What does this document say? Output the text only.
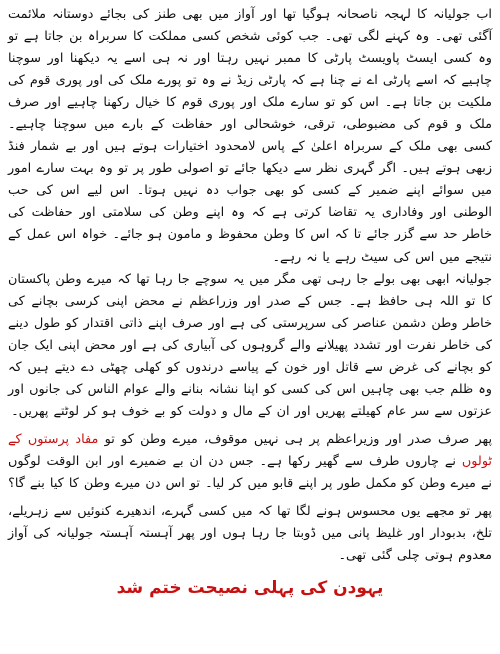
اب جولیانہ کا لہجہ ناصحانہ ہوگیا تھا اور آواز میں بھی طنز کی بجائے دوستانہ ملائمت آگئی تھی۔ وہ کہنے لگی تھی۔ جب کوئی شخص کسی مملکت کا سربراہ بن جاتا ہے تو وہ کسی ایسٹ پاویسٹ پارٹی کا ممبر نہیں رہتا اور نہ ہی اسے یہ دیکھنا اور سوچنا چاہیے کہ اسے پارٹی اے نے چنا ہے کہ پارٹی زیڈ نے وہ تو پورے ملک کی اور پوری قوم کی ملکیت بن جاتا ہے۔ اس کو تو سارے ملک اور پوری قوم کا خیال رکھنا چاہیے اور صرف ملک و قوم کی مضبوطی، ترقی، خوشحالی اور حفاظت کے بارے میں سوچنا چاہیے۔ کسی بھی ملک کے سربراہ اعلیٰ کے پاس لامحدود اختیارات ہوتے ہیں اور بے شمار فنڈ زبھی ہوتے ہیں۔ اگر گہری نظر سے دیکھا جائے تو اصولی طور پر تو وہ بہت سارے امور میں سوائے اپنے ضمیر کے کسی کو بھی جواب دہ نہیں ہوتا۔ اس لیے اس کی حب الوطنی اور وفاداری یہ تقاضا کرتی ہے کہ وہ اپنے وطن کی سلامتی اور حفاظت کی خاطر حد سے گزر جائے تا کہ اس کا وطن محفوظ و مامون ہو جائے۔ خواہ اس عمل کے نتیجے میں اس کی سیٹ رہے یا نہ رہے۔

جولیانہ ابھی بھی بولے جا رہی تھی مگر میں یہ سوچے جا رہا تھا کہ میرے وطن پاکستان کا تو اللہ ہی حافظ ہے۔ جس کے صدر اور وزراعظم نے محض اپنی کرسی بچانے کی خاطر وطن دشمن عناصر کی سرپرستی کی ہے اور صرف اپنے ذاتی اقتدار کو طول دینے کی خاطر نفرت اور تشدد پھیلانے والے گروہوں کی آبیاری کی ہے اور محض اپنی ایک جان کو بچانے کی غرض سے قاتل اور خون کے پیاسے درندوں کو کھلی چھٹی دے دیتے ہیں کہ وہ ظلم جب بھی چاہیں اس کی کسی کو اپنا نشانہ بنانے والے عوام الناس کی جانوں اور عزتوں سے سر عام کھیلتے پھریں اور ان کے مال و دولت کو بے خوف ہو کر لوٹتے پھریں۔

پھر صرف صدر اور وزیراعظم پر ہی نہیں موقوف، میرے وطن کو تو مفاد پرستوں کے ٹولوں نے چاروں طرف سے گھیر رکھا ہے۔ جس دن ان بے ضمیرے اور ابن الوقت لوگوں نے میرے وطن کو مکمل طور پر اپنے قابو میں کر لیا۔ تو اس دن میرے وطن کا کیا بنے گا؟

پھر تو مجھے یوں محسوس ہونے لگا تھا کہ میں کسی گہرے، اندھیرے کنوئیں سے زہریلے، تلخ، بدبودار اور غلیظ پانی میں ڈوبتا جا رہا ہوں اور پھر آہستہ آہستہ جولیانہ کی آواز معدوم ہوتی چلی گئی تھی۔

یہودن کی پہلی نصیحت ختم شد
